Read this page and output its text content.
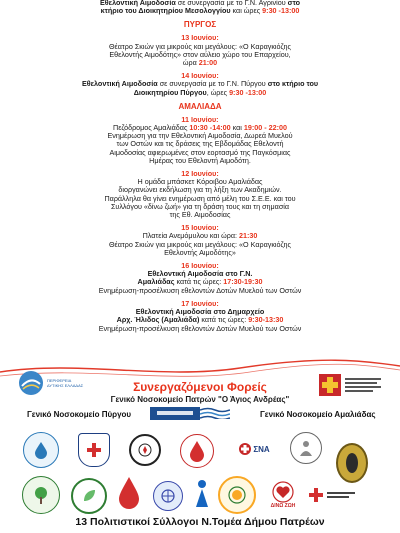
Εθελοντική Αιμοδοσία σε συνεργασία με το Γ.Ν. Αγρινίου στο

κτήριο του Διοικητηρίου Μεσολογγίου και ώρες 9:30 -13:00

ΠΥΡΓΟΣ

13 Ιουνίου:

Θέατρο Σκιών για μικρούς και μεγάλους: «Ο Καραγκιόζης

Εθελοντής Αιμοδότης» στον αύλειο χώρο του Επαρχείου,

ώρα 21:00

14 Ιουνίου:

Εθελοντική Αιμοδοσία σε συνεργασία με το Γ.Ν. Πύργου στο κτήριο του

Διοικητηρίου Πύργου, ώρες 9:30 -13:00

ΑΜΑΛΙΑΔΑ

11 Ιουνίου:

Πεζόδρομος Αμαλιάδας 10:30 -14:00 και 19:00 - 22:00

Ενημέρωση για την Εθελοντική Αιμοδοσία, Δωρεά Μυελού

των Οστών και τις δράσεις της Εβδομάδας Εθελοντή

Αιμοδοσίας αφιερωμένες στον εορτασμό της Παγκόσμιας

Ημέρας του Εθελοντή Αιμοδότη.

12 Ιουνίου:

Η ομάδα μπάσκετ Κόροιβου Αμαλιάδας

διοργανώνει εκδήλωση για τη λήξη των Ακαδημιών.

Παράλληλα θα γίνει ενημέρωση από μέλη του Σ.Ε.Ε. και του

Συλλόγου «δίνω ζωή» για τη δράση τους και τη σημασία

της Εθ. Αιμοδοσίας

15 Ιουνίου:

Πλατεία Ανεμόμυλου και ώρα: 21:30

Θέατρο Σκιών για μικρούς και μεγάλους: «Ο Καραγκιόζης

Εθελοντής Αιμοδότης»

16 Ιουνίου:

Εθελοντική Αιμοδοσία στο Γ.Ν.

Αμαλιάδας κατά τις ώρες: 17:30-19:30

Ενημέρωση-προσέλκυση εθελοντών Δοτών Μυελού των Οστών

17 Ιουνίου:

Εθελοντική Αιμοδοσία στο Δημαρχείο

Αρχ. Ήλιδος (Αμαλιάδα) κατά τις ώρες: 9:30-13:30

Ενημέρωση-προσέλκυση εθελοντών Δοτών Μυελού των Οστών

ΠΕΡΙΦΕΡΕΙΑ ΔΥΤΙΚΗΣ ΕΛΛΑΔΑΣ	Συνεργαζόμενοι Φορείς
Γενικό Νοσοκομείο Πατρών "Ο Άγιος Ανδρέας"
Γενικό Νοσοκομείο Πύργου	Γενικό Νοσοκομείο Αμαλιάδας
ΣΝΑ
ΔΙΝΩ ΖΩΗ
13 Πολιτιστικοί Σύλλογοι Ν.Τομέα Δήμου Πατρέων
